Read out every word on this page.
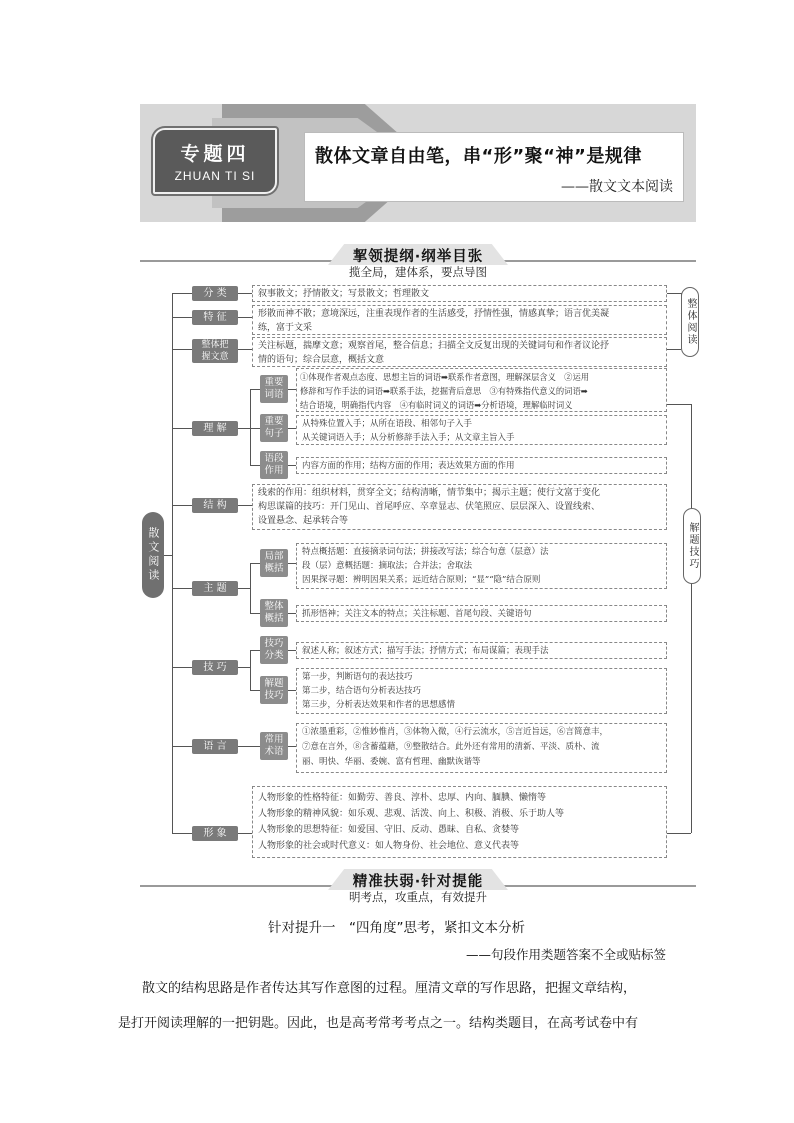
专题四
ZHUAN TI SI
散体文章自由笔，串“形”聚“神”是规律
——散文文本阅读
挈领提纲·纲举目张
揽全局，建体系，要点导图
散文阅读
分 类	叙事散文；抒情散文；写景散文；哲理散文
特 征	形散而神不散；意境深远，注重表现作者的生活感受，抒情性强，情感真挚；语言优美凝
练，富于文采
整体把握文意
关注标题，揣摩文意；观察首尾，整合信息；扫描全文反复出现的关键词句和作者议论抒
情的语句；综合层意，概括文意
理 解
重要词语
①体现作者观点态度、思想主旨的词语➡联系作者意图，理解深层含义　②运用
修辞和写作手法的词语➡联系手法，挖掘背后意思　③有特殊指代意义的词语➡
结合语境，明确指代内容　④有临时词义的词语➡分析语境，理解临时词义
重要句子
从特殊位置入手；从所在语段、相邻句子入手
从关键词语入手；从分析修辞手法入手；从文章主旨入手
语段作用 内容方面的作用；结构方面的作用；表达效果方面的作用
结 构
线索的作用：组织材料，贯穿全文；结构清晰，情节集中；揭示主题；使行文富于变化
构思谋篇的技巧：开门见山、首尾呼应、卒章显志、伏笔照应、层层深入、设置线索、
设置悬念、起承转合等
主 题
局部概括
特点概括题：直接摘录词句法；拼接改写法；综合句意（层意）法
段（层）意概括题：摘取法；合并法；舍取法
因果探寻题：辨明因果关系；远近结合原则；“显”“隐”结合原则
整体概括 抓形悟神；关注文本的特点；关注标题、首尾句段、关键语句
技 巧
技巧分类 叙述人称；叙述方式；描写手法；抒情方式；布局谋篇；表现手法
解题技巧
第一步，判断语句的表达技巧
第二步，结合语句分析表达技巧
第三步，分析表达效果和作者的思想感情
语 言
常用术语
①浓墨重彩，②惟妙惟肖，③体物入微，④行云流水，⑤言近旨远，⑥言简意丰，
⑦意在言外，⑧含蓄蕴藉，⑨整散结合。此外还有常用的清新、平淡、质朴、流
丽、明快、华丽、委婉、富有哲理、幽默诙谐等
形 象
人物形象的性格特征：如勤劳、善良、淳朴、忠厚、内向、腼腆、懒惰等
人物形象的精神风貌：如乐观、悲观、活泼、向上、积极、消极、乐于助人等
人物形象的思想特征：如爱国、守旧、反动、愚昧、自私、贪婪等
人物形象的社会或时代意义：如人物身份、社会地位、意义代表等
整体阅读
解题技巧
精准扶弱·针对提能
明考点，攻重点，有效提升
针对提升一　“四角度”思考，紧扣文本分析
——句段作用类题答案不全或贴标签
散文的结构思路是作者传达其写作意图的过程。厘清文章的写作思路，把握文章结构，
是打开阅读理解的一把钥匙。因此，也是高考常考考点之一。结构类题目，在高考试卷中有
